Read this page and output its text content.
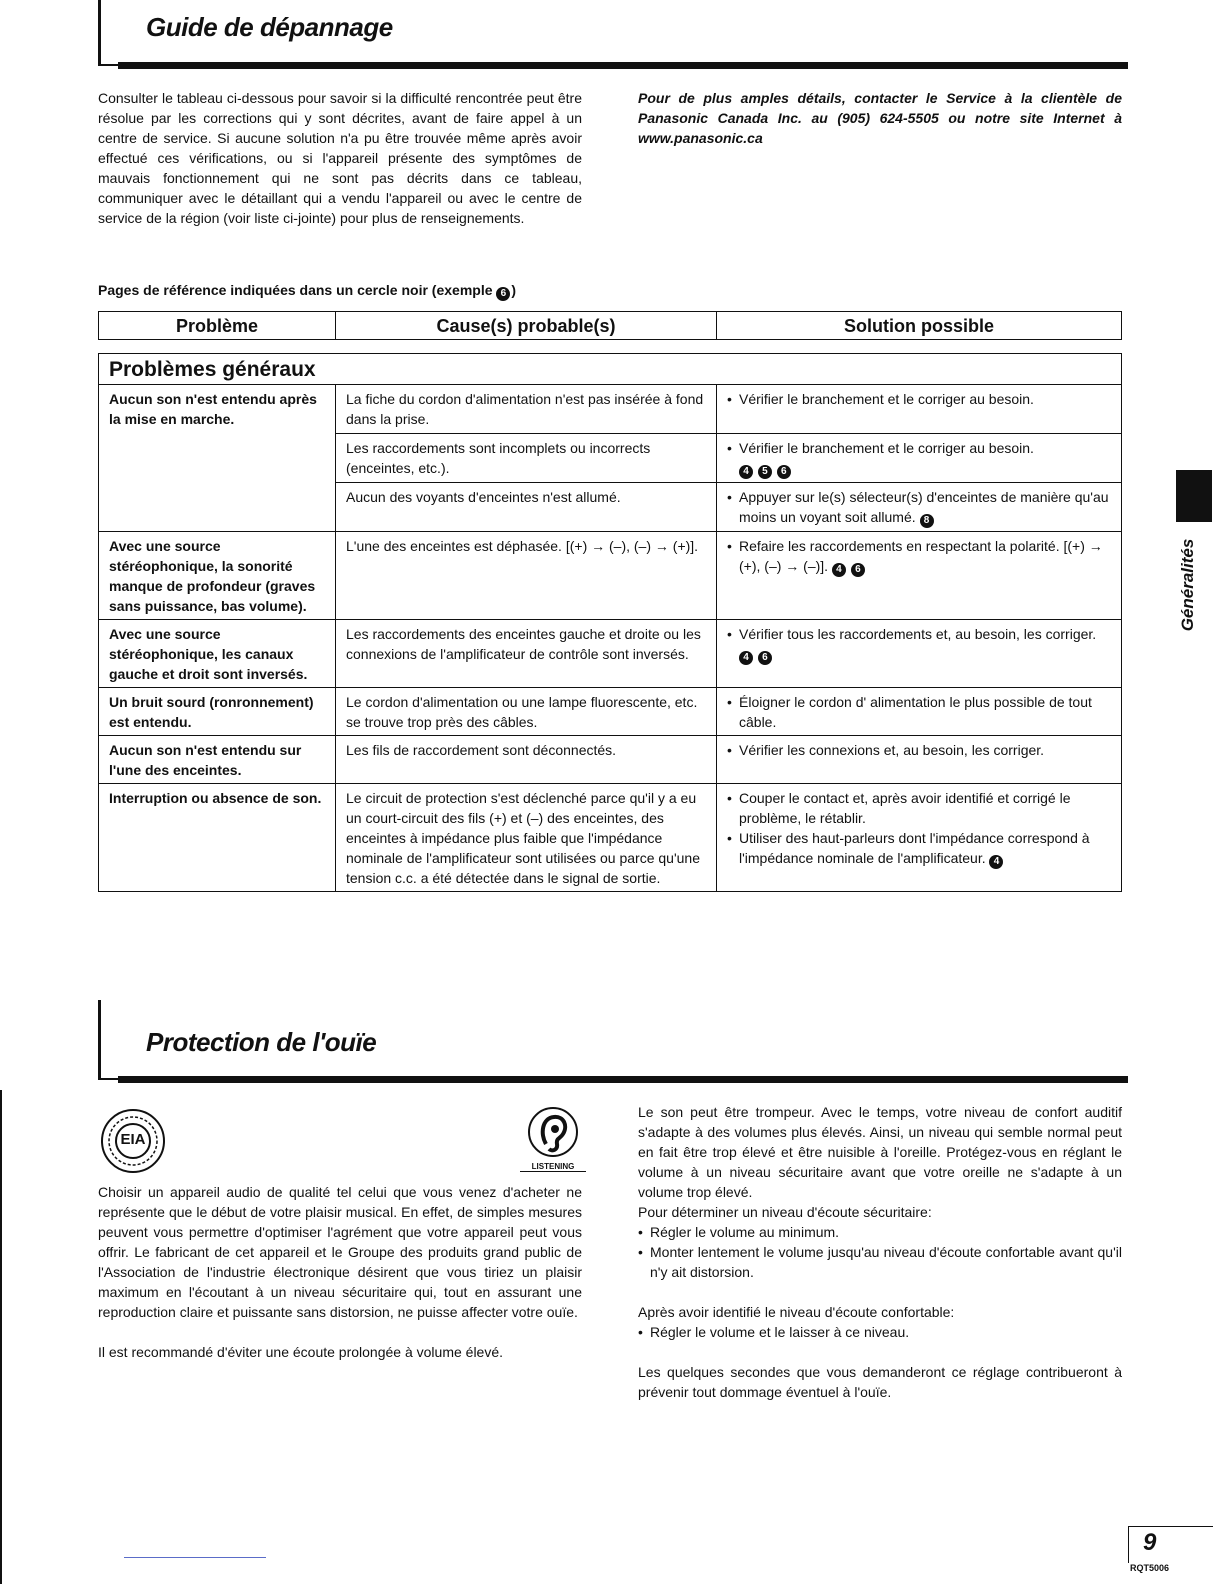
Guide de dépannage
Consulter le tableau ci-dessous pour savoir si la difficulté rencontrée peut être résolue par les corrections qui y sont décrites, avant de faire appel à un centre de service. Si aucune solution n'a pu être trouvée même après avoir effectué ces vérifications, ou si l'appareil présente des symptômes de mauvais fonctionnement qui ne sont pas décrits dans ce tableau, communiquer avec le détaillant qui a vendu l'appareil ou avec le centre de service de la région (voir liste ci-jointe) pour plus de renseignements.
Pour de plus amples détails, contacter le Service à la clientèle de Panasonic Canada Inc. au (905) 624-5505 ou notre site Internet à www.panasonic.ca
Pages de référence indiquées dans un cercle noir (exemple 6 )
Problème	Cause(s) probable(s)	Solution possible
Problèmes généraux		
Aucun son n'est entendu après la mise en marche.	La fiche du cordon d'alimentation n'est pas insérée à fond dans la prise.	• Vérifier le branchement et le corriger au besoin.

	Les raccordements sont incomplets ou incorrects (enceintes, etc.).	• Vérifier le branchement et le corriger au besoin.
4 5 6

	Aucun des voyants d'enceintes n'est allumé.	• Appuyer sur le(s) sélecteur(s) d'enceintes de manière qu'au moins un voyant soit allumé. 8

Avec une source stéréophonique, la sonorité manque de profondeur (graves sans puissance, bas volume).	L'une des enceintes est déphasée. [(+) → (–), (–) → (+)].	• Refaire les raccordements en respectant la polarité. [(+) → (+), (–) → (–)]. 4 6

Avec une source stéréophonique, les canaux gauche et droit sont inversés.	Les raccordements des enceintes gauche et droite ou les connexions de l'amplificateur de contrôle sont inversés.	• Vérifier tous les raccordements et, au besoin, les corriger. 4 6

Un bruit sourd (ronronnement) est entendu.	Le cordon d'alimentation ou une lampe fluorescente, etc. se trouve trop près des câbles.	• Éloigner le cordon d' alimentation le plus possible de tout câble.

Aucun son n'est entendu sur l'une des enceintes.	Les fils de raccordement sont déconnectés.	• Vérifier les connexions et, au besoin, les corriger.

Interruption ou absence de son.	Le circuit de protection s'est déclenché parce qu'il y a eu un court-circuit des fils (+) et (–) des enceintes, des enceintes à impédance plus faible que l'impédance nominale de l'amplificateur sont utilisées ou parce qu'une tension c.c. a été détectée dans le signal de sortie.	• Couper le contact et, après avoir identifié et corrigé le problème, le rétablir.
• Utiliser des haut-parleurs dont l'impédance correspond à l'impédance nominale de l'amplificateur. 4
Généralités
Protection de l'ouïe
EIA
LISTENING
Choisir un appareil audio de qualité tel celui que vous venez d'acheter ne représente que le début de votre plaisir musical. En effet, de simples mesures peuvent vous permettre d'optimiser l'agrément que votre appareil peut vous offrir. Le fabricant de cet appareil et le Groupe des produits grand public de l'Association de l'industrie électronique désirent que vous tiriez un plaisir maximum en l'écoutant à un niveau sécuritaire qui, tout en assurant une reproduction claire et puissante sans distorsion, ne puisse affecter votre ouïe.
Il est recommandé d'éviter une écoute prolongée à volume élevé.
Le son peut être trompeur. Avec le temps, votre niveau de confort auditif s'adapte à des volumes plus élevés. Ainsi, un niveau qui semble normal peut en fait être trop élevé et être nuisible à l'oreille. Protégez-vous en réglant le volume à un niveau sécuritaire avant que votre oreille ne s'adapte à un volume trop élevé.
Pour déterminer un niveau d'écoute sécuritaire:
• Régler le volume au minimum.
• Monter lentement le volume jusqu'au niveau d'écoute confortable avant qu'il n'y ait distorsion.
Après avoir identifié le niveau d'écoute confortable:
• Régler le volume et le laisser à ce niveau.
Les quelques secondes que vous demanderont ce réglage contribueront à prévenir tout dommage éventuel à l'ouïe.
9
RQT5006
